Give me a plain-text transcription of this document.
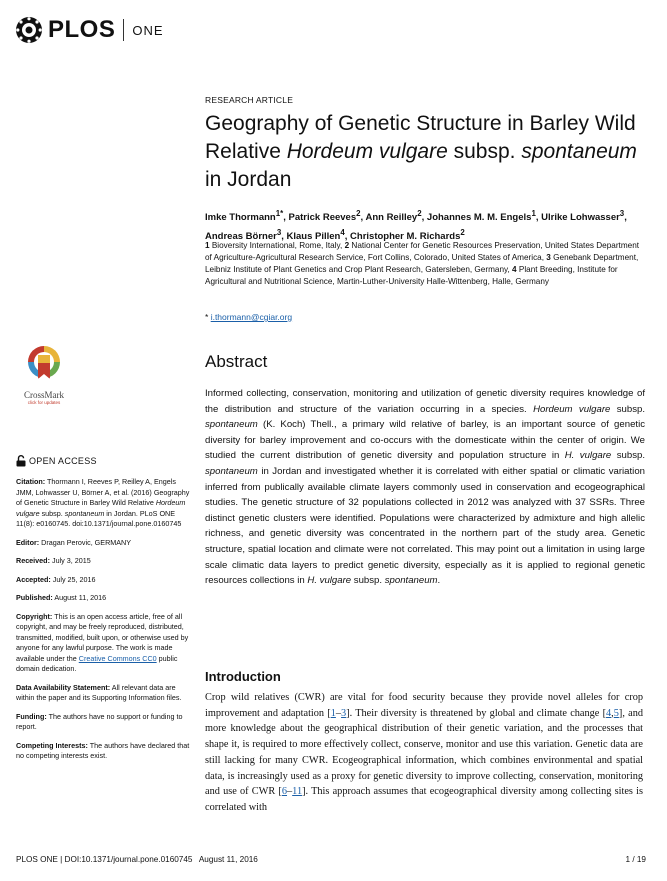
PLOS ONE
RESEARCH ARTICLE
Geography of Genetic Structure in Barley Wild Relative Hordeum vulgare subsp. spontaneum in Jordan

Imke Thormann$^{1*}$, Patrick Reeves$^2$, Ann Reilley$^2$, Johannes M. M. Engels$^1$, Ulrike Lohwasser$^3$, Andreas Börner$^3$, Klaus Pillen$^4$, Christopher M. Richards$^2$

1 Bioversity International, Rome, Italy, 2 National Center for Genetic Resources Preservation, United States Department of Agriculture-Agricultural Research Service, Fort Collins, Colorado, United States of America, 3 Genebank Department, Leibniz Institute of Plant Genetics and Crop Plant Research, Gatersleben, Germany, 4 Plant Breeding, Institute for Agricultural and Nutritional Science, Martin-Luther-University Halle-Wittenberg, Halle, Germany

* i.thormann@cgiar.org
CrossMark
click for updates
OPEN ACCESS

Citation: Thormann I, Reeves P, Reilley A, Engels JMM, Lohwasser U, Börner A, et al. (2016) Geography of Genetic Structure in Barley Wild Relative Hordeum vulgare subsp. spontaneum in Jordan. PLoS ONE 11(8): e0160745. doi:10.1371/journal.pone.0160745

Editor: Dragan Perovic, GERMANY

Received: July 3, 2015

Accepted: July 25, 2016

Published: August 11, 2016

Copyright: This is an open access article, free of all copyright, and may be freely reproduced, distributed, transmitted, modified, built upon, or otherwise used by anyone for any lawful purpose. The work is made available under the Creative Commons CC0 public domain dedication.

Data Availability Statement: All relevant data are within the paper and its Supporting Information files.

Funding: The authors have no support or funding to report.

Competing Interests: The authors have declared that no competing interests exist.

Abstract

Informed collecting, conservation, monitoring and utilization of genetic diversity requires knowledge of the distribution and structure of the variation occurring in a species. Hordeum vulgare subsp. spontaneum (K. Koch) Thell., a primary wild relative of barley, is an important source of genetic diversity for barley improvement and co-occurs with the domesticate within the center of origin. We studied the current distribution of genetic diversity and population structure in H. vulgare subsp. spontaneum in Jordan and investigated whether it is correlated with either spatial or climatic variation inferred from publically available climate layers commonly used in conservation and ecogeographical studies. The genetic structure of 32 populations collected in 2012 was analyzed with 37 SSRs. Three distinct genetic clusters were identified. Populations were characterized by admixture and high allelic richness, and genetic diversity was concentrated in the northern part of the study area. Genetic structure, spatial location and climate were not correlated. This may point out a limitation in using large scale climatic data layers to predict genetic diversity, especially as it is applied to regional genetic resources collections in H. vulgare subsp. spontaneum.

Introduction

Crop wild relatives (CWR) are vital for food security because they provide novel alleles for crop improvement and adaptation [1–3]. Their diversity is threatened by global and climate change [4,5], and more knowledge about the geographical distribution of their genetic variation, and the processes that shape it, is required to more effectively collect, conserve, monitor and use this variation. Genetic data are still lacking for many CWR. Ecogeographical information, which combines environmental and spatial data, is increasingly used as a proxy for genetic diversity to improve collecting, conservation, monitoring and use of CWR [6–11]. This approach assumes that ecogeographical diversity among collecting sites is correlated with

PLOS ONE | DOI:10.1371/journal.pone.0160745   August 11, 2016	1 / 19
